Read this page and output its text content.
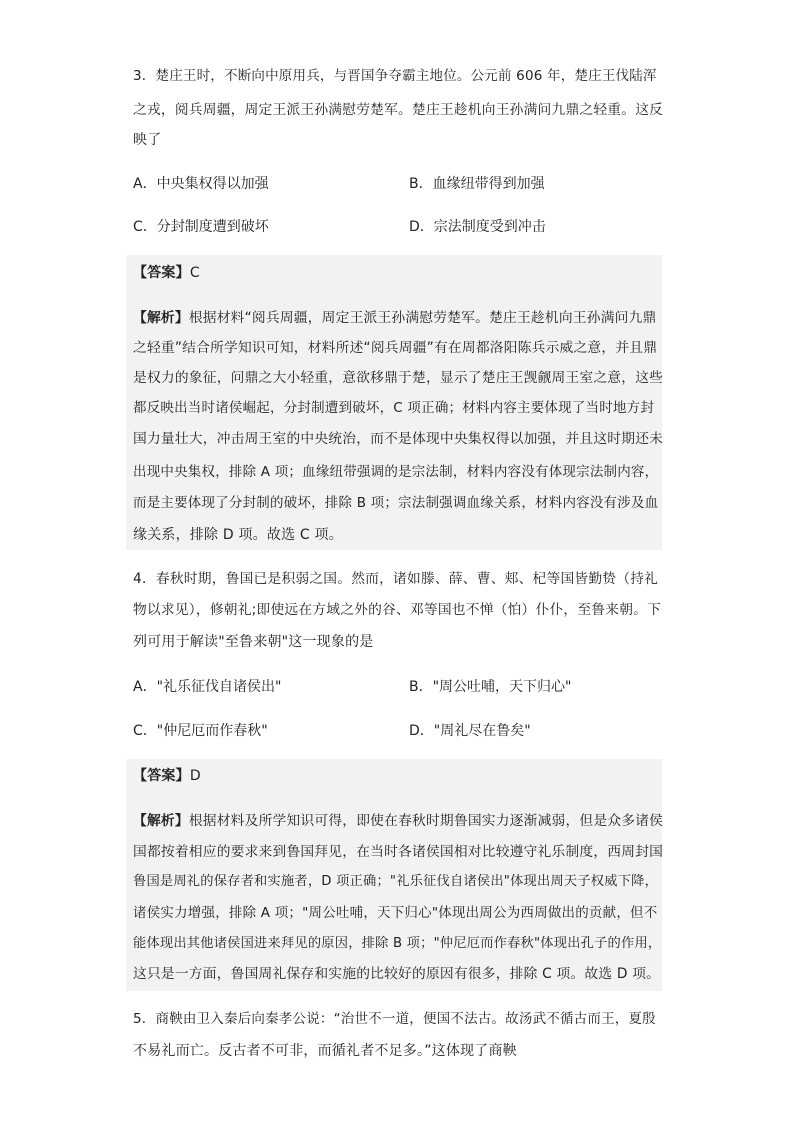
3．楚庄王时，不断向中原用兵，与晋国争夺霸主地位。公元前 606 年，楚庄王伐陆浑
之戎，阅兵周疆，周定王派王孙满慰劳楚军。楚庄王趁机向王孙满问九鼎之轻重。这反
映了
A．中央集权得以加强	B．血缘纽带得到加强
C．分封制度遭到破坏	D．宗法制度受到冲击
【答案】C
【解析】根据材料“阅兵周疆，周定王派王孙满慰劳楚军。楚庄王趁机向王孙满问九鼎
之轻重”结合所学知识可知，材料所述“阅兵周疆”有在周都洛阳陈兵示威之意，并且鼎
是权力的象征，问鼎之大小轻重，意欲移鼎于楚，显示了楚庄王觊觎周王室之意，这些
都反映出当时诸侯崛起，分封制遭到破坏，C 项正确；材料内容主要体现了当时地方封
国力量壮大，冲击周王室的中央统治，而不是体现中央集权得以加强，并且这时期还未
出现中央集权，排除 A 项；血缘纽带强调的是宗法制，材料内容没有体现宗法制内容，
而是主要体现了分封制的破坏，排除 B 项；宗法制强调血缘关系，材料内容没有涉及血
缘关系，排除 D 项。故选 C 项。
4．春秋时期，鲁国已是积弱之国。然而，诸如滕、薛、曹、郏、杞等国皆勤贽（持礼
物以求见），修朝礼;即使远在方域之外的谷、邓等国也不惮（怕）仆仆，至鲁来朝。下
列可用于解读"至鲁来朝"这一现象的是
A．"礼乐征伐自诸侯出"	B．"周公吐哺，天下归心"
C．"仲尼厄而作春秋"	D．"周礼尽在鲁矣"
【答案】D
【解析】根据材料及所学知识可得，即使在春秋时期鲁国实力逐渐减弱，但是众多诸侯
国都按着相应的要求来到鲁国拜见，在当时各诸侯国相对比较遵守礼乐制度，西周封国
鲁国是周礼的保存者和实施者，D 项正确；"礼乐征伐自诸侯出"体现出周天子权威下降，
诸侯实力增强，排除 A 项；"周公吐哺，天下归心"体现出周公为西周做出的贡献，但不
能体现出其他诸侯国进来拜见的原因，排除 B 项；"仲尼厄而作春秋"体现出孔子的作用，
这只是一方面，鲁国周礼保存和实施的比较好的原因有很多，排除 C 项。故选 D 项。
5．商鞅由卫入秦后向秦孝公说：“治世不一道，便国不法古。故汤武不循古而王，夏殷
不易礼而亡。反古者不可非，而循礼者不足多。”这体现了商鞅
